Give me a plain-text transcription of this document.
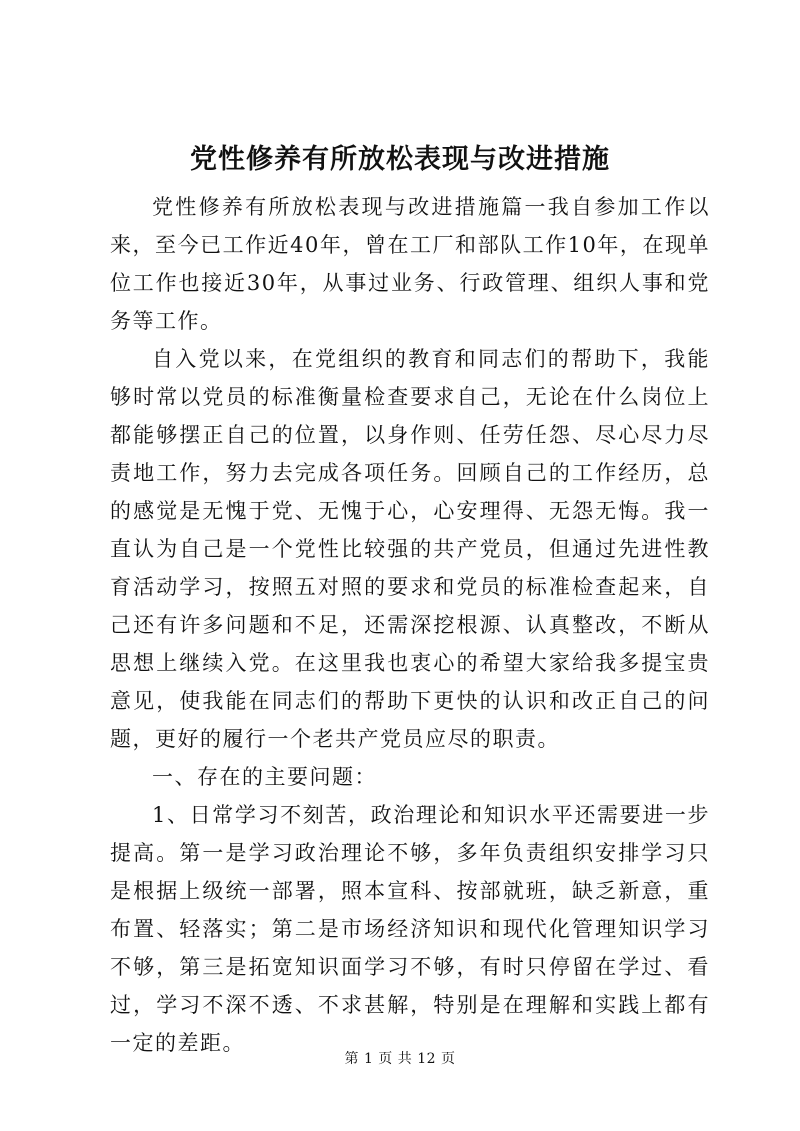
党性修养有所放松表现与改进措施

党性修养有所放松表现与改进措施篇一我自参加工作以来，至今已工作近40年，曾在工厂和部队工作10年，在现单位工作也接近30年，从事过业务、行政管理、组织人事和党务等工作。

自入党以来，在党组织的教育和同志们的帮助下，我能够时常以党员的标准衡量检查要求自己，无论在什么岗位上都能够摆正自己的位置，以身作则、任劳任怨、尽心尽力尽责地工作，努力去完成各项任务。回顾自己的工作经历，总的感觉是无愧于党、无愧于心，心安理得、无怨无悔。我一直认为自己是一个党性比较强的共产党员，但通过先进性教育活动学习，按照五对照的要求和党员的标准检查起来，自己还有许多问题和不足，还需深挖根源、认真整改，不断从思想上继续入党。在这里我也衷心的希望大家给我多提宝贵意见，使我能在同志们的帮助下更快的认识和改正自己的问题，更好的履行一个老共产党员应尽的职责。

一、存在的主要问题：

1、日常学习不刻苦，政治理论和知识水平还需要进一步提高。第一是学习政治理论不够，多年负责组织安排学习只是根据上级统一部署，照本宣科、按部就班，缺乏新意，重布置、轻落实；第二是市场经济知识和现代化管理知识学习不够，第三是拓宽知识面学习不够，有时只停留在学过、看过，学习不深不透、不求甚解，特别是在理解和实践上都有一定的差距。

第 1 页 共 12 页
